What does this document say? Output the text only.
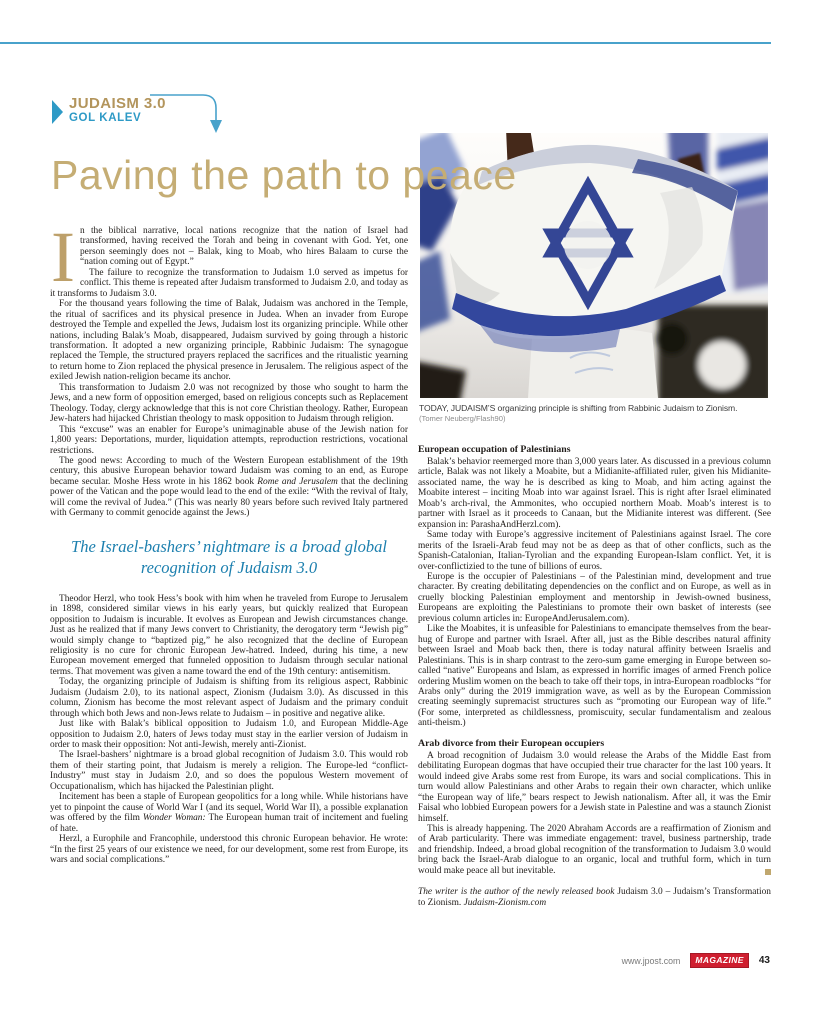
JUDAISM 3.0
GOL KALEV
Paving the path to peace
TODAY, JUDAISM’S organizing principle is shifting from Rabbinic Judaism to Zionism.
(Tomer Neuberg/Flash90)

In the biblical narrative, local nations recognize that the nation of Israel had transformed, having received the Torah and being in covenant with God. Yet, one person seemingly does not – Balak, king to Moab, who hires Balaam to curse the “nation coming out of Egypt.”

The failure to recognize the transformation to Judaism 1.0 served as impetus for conflict. This theme is repeated after Judaism transformed to Judaism 2.0, and today as it transforms to Judaism 3.0.

For the thousand years following the time of Balak, Judaism was anchored in the Temple, the ritual of sacrifices and its physical presence in Judea. When an invader from Europe destroyed the Temple and expelled the Jews, Judaism lost its organizing principle. While other nations, including Balak’s Moab, disappeared, Judaism survived by going through a historic transformation. It adopted a new organizing principle, Rabbinic Judaism: The synagogue replaced the Temple, the structured prayers replaced the sacrifices and the ritualistic yearning to return home to Zion replaced the physical presence in Jerusalem. The religious aspect of the exiled Jewish nation-religion became its anchor.

This transformation to Judaism 2.0 was not recognized by those who sought to harm the Jews, and a new form of opposition emerged, based on religious concepts such as Replacement Theology. Today, clergy acknowledge that this is not core Christian theology. Rather, European Jew-haters had hijacked Christian theology to mask opposition to Judaism through religion.

This “excuse” was an enabler for Europe’s unimaginable abuse of the Jewish nation for 1,800 years: Deportations, murder, liquidation attempts, reproduction restrictions, vocational restrictions.

The good news: According to much of the Western European establishment of the 19th century, this abusive European behavior toward Judaism was coming to an end, as Europe became secular. Moshe Hess wrote in his 1862 book Rome and Jerusalem that the declining power of the Vatican and the pope would lead to the end of the exile: “With the revival of Italy, will come the revival of Judea.” (This was nearly 80 years before such revived Italy partnered with Germany to commit genocide against the Jews.)

The Israel-bashers’ nightmare is a broad global recognition of Judaism 3.0

Theodor Herzl, who took Hess’s book with him when he traveled from Europe to Jerusalem in 1898, considered similar views in his early years, but quickly realized that European opposition to Judaism is incurable. It evolves as European and Jewish circumstances change. Just as he realized that if many Jews convert to Christianity, the derogatory term “Jewish pig” would simply change to “baptized pig,” he also recognized that the decline of European religiosity is no cure for chronic European Jew-hatred. Indeed, during his time, a new European movement emerged that funneled opposition to Judaism through secular national terms. That movement was given a name toward the end of the 19th century: antisemitism.

Today, the organizing principle of Judaism is shifting from its religious aspect, Rabbinic Judaism (Judaism 2.0), to its national aspect, Zionism (Judaism 3.0). As discussed in this column, Zionism has become the most relevant aspect of Judaism and the primary conduit through which both Jews and non-Jews relate to Judaism – in positive and negative alike.

Just like with Balak’s biblical opposition to Judaism 1.0, and European Middle-Age opposition to Judaism 2.0, haters of Jews today must stay in the earlier version of Judaism in order to mask their opposition: Not anti-Jewish, merely anti-Zionist.

The Israel-bashers’ nightmare is a broad global recognition of Judaism 3.0. This would rob them of their starting point, that Judaism is merely a religion. The Europe-led “conflict-Industry” must stay in Judaism 2.0, and so does the populous Western movement of Occupationalism, which has hijacked the Palestinian plight.

Incitement has been a staple of European geopolitics for a long while. While historians have yet to pinpoint the cause of World War I (and its sequel, World War II), a possible explanation was offered by the film Wonder Woman: The European human trait of incitement and fueling of hate.

Herzl, a Europhile and Francophile, understood this chronic European behavior. He wrote: “In the first 25 years of our existence we need, for our development, some rest from Europe, its wars and social complications.”

European occupation of Palestinians

Balak’s behavior reemerged more than 3,000 years later. As discussed in a previous column article, Balak was not likely a Moabite, but a Midianite-affiliated ruler, given his Midianite-associated name, the way he is described as king to Moab, and him acting against the Moabite interest – inciting Moab into war against Israel. This is right after Israel eliminated Moab’s arch-rival, the Ammonites, who occupied northern Moab. Moab’s interest is to partner with Israel as it proceeds to Canaan, but the Midianite interest was different. (See expansion in: ParashaAndHerzl.com).

Same today with Europe’s aggressive incitement of Palestinians against Israel. The core merits of the Israeli-Arab feud may not be as deep as that of other conflicts, such as the Spanish-Catalonian, Italian-Tyrolian and the expanding European-Islam conflict. Yet, it is over-conflictizied to the tune of billions of euros.

Europe is the occupier of Palestinians – of the Palestinian mind, development and true character. By creating debilitating dependencies on the conflict and on Europe, as well as in cruelly blocking Palestinian employment and mentorship in Jewish-owned business, Europeans are exploiting the Palestinians to promote their own basket of interests (see previous column articles in: EuropeAndJerusalem.com).

Like the Moabites, it is unfeasible for Palestinians to emancipate themselves from the bear-hug of Europe and partner with Israel. After all, just as the Bible describes natural affinity between Israel and Moab back then, there is today natural affinity between Israelis and Palestinians. This is in sharp contrast to the zero-sum game emerging in Europe between so-called “native” Europeans and Islam, as expressed in horrific images of armed French police ordering Muslim women on the beach to take off their tops, in intra-European roadblocks “for Arabs only” during the 2019 immigration wave, as well as by the European Commission creating seemingly supremacist structures such as “promoting our European way of life.” (For some, interpreted as childlessness, promiscuity, secular fundamentalism and zealous anti-theism.)

Arab divorce from their European occupiers

A broad recognition of Judaism 3.0 would release the Arabs of the Middle East from debilitating European dogmas that have occupied their true character for the last 100 years. It would indeed give Arabs some rest from Europe, its wars and social complications. This in turn would allow Palestinians and other Arabs to regain their own character, which unlike “the European way of life,” bears respect to Jewish nationalism. After all, it was the Emir Faisal who lobbied European powers for a Jewish state in Palestine and was a staunch Zionist himself.

This is already happening. The 2020 Abraham Accords are a reaffirmation of Zionism and of Arab particularity. There was immediate engagement: travel, business partnership, trade and friendship. Indeed, a broad global recognition of the transformation to Judaism 3.0 would bring back the Israel-Arab dialogue to an organic, local and truthful form, which in turn would make peace all but inevitable.

The writer is the author of the newly released book Judaism 3.0 – Judaism’s Transformation to Zionism. Judaism-Zionism.com

www.jpost.com	MAGAZINE	43
